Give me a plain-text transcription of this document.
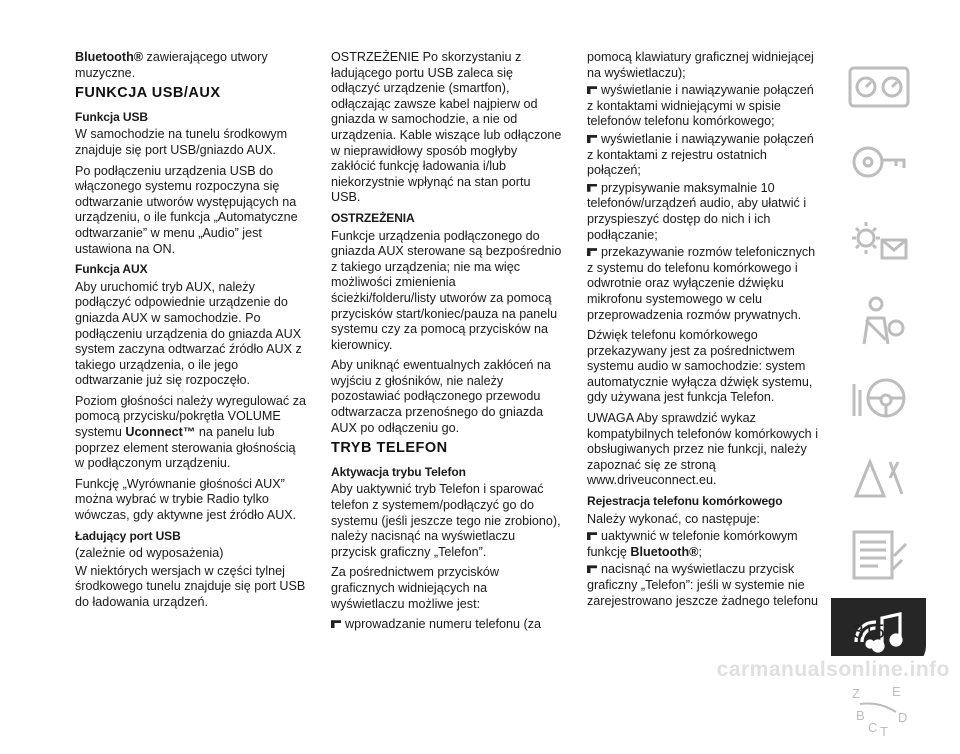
Bluetooth® zawierającego utwory muzyczne.

FUNKCJA USB/AUX
Funkcja USB

W samochodzie na tunelu środkowym znajduje się port USB/gniazdo AUX.

Po podłączeniu urządzenia USB do włączonego systemu rozpoczyna się odtwarzanie utworów występujących na urządzeniu, o ile funkcja „Automatyczne odtwarzanie” w menu „Audio” jest ustawiona na ON.

Funkcja AUX

Aby uruchomić tryb AUX, należy podłączyć odpowiednie urządzenie do gniazda AUX w samochodzie. Po podłączeniu urządzenia do gniazda AUX system zaczyna odtwarzać źródło AUX z takiego urządzenia, o ile jego odtwarzanie już się rozpoczęło.

Poziom głośności należy wyregulować za pomocą przycisku/pokrętła VOLUME systemu Uconnect™ na panelu lub poprzez element sterowania głośnością w podłączonym urządzeniu.

Funkcję „Wyrównanie głośności AUX” można wybrać w trybie Radio tylko wówczas, gdy aktywne jest źródło AUX.

Ładujący port USB

(zależnie od wyposażenia)

W niektórych wersjach w części tylnej środkowego tunelu znajduje się port USB do ładowania urządzeń.

OSTRZEŻENIE Po skorzystaniu z ładującego portu USB zaleca się odłączyć urządzenie (smartfon), odłączając zawsze kabel najpierw od gniazda w samochodzie, a nie od urządzenia. Kable wiszące lub odłączone w nieprawidłowy sposób mogłyby zakłócić funkcję ładowania i/lub niekorzystnie wpłynąć na stan portu USB.

OSTRZEŻENIA

Funkcje urządzenia podłączonego do gniazda AUX sterowane są bezpośrednio z takiego urządzenia; nie ma więc możliwości zmienienia ścieżki/folderu/listy utworów za pomocą przycisków start/koniec/pauza na panelu systemu czy za pomocą przycisków na kierownicy.

Aby uniknąć ewentualnych zakłóceń na wyjściu z głośników, nie należy pozostawiać podłączonego przewodu odtwarzacza przenośnego do gniazda AUX po odłączeniu go.

TRYB TELEFON
Aktywacja trybu Telefon

Aby uaktywnić tryb Telefon i sparować telefon z systemem/podłączyć go do systemu (jeśli jeszcze tego nie zrobiono), należy nacisnąć na wyświetlaczu przycisk graficzny „Telefon”.

Za pośrednictwem przycisków graficznych widniejących na wyświetlaczu możliwe jest:

wprowadzanie numeru telefonu (za

pomocą klawiatury graficznej widniejącej na wyświetlaczu);

wyświetlanie i nawiązywanie połączeń z kontaktami widniejącymi w spisie telefonów telefonu komórkowego;

wyświetlanie i nawiązywanie połączeń z kontaktami z rejestru ostatnich połączeń;

przypisywanie maksymalnie 10 telefonów/urządzeń audio, aby ułatwić i przyspieszyć dostęp do nich i ich podłączanie;

przekazywanie rozmów telefonicznych z systemu do telefonu komórkowego i odwrotnie oraz wyłączenie dźwięku mikrofonu systemowego w celu przeprowadzenia rozmów prywatnych.

Dźwięk telefonu komórkowego przekazywany jest za pośrednictwem systemu audio w samochodzie: system automatycznie wyłącza dźwięk systemu, gdy używana jest funkcja Telefon.

UWAGA Aby sprawdzić wykaz kompatybilnych telefonów komórkowych i obsługiwanych przez nie funkcji, należy zapoznać się ze stroną www.driveuconnect.eu.

Rejestracja telefonu komórkowego

Należy wykonać, co następuje:

uaktywnić w telefonie komórkowym funkcję Bluetooth®;

nacisnąć na wyświetlaczu przycisk graficzny „Telefon”: jeśli w systemie nie zarejestrowano jeszcze żadnego telefonu

Z E
B
C
D
T
315
carmanualsonline.info
